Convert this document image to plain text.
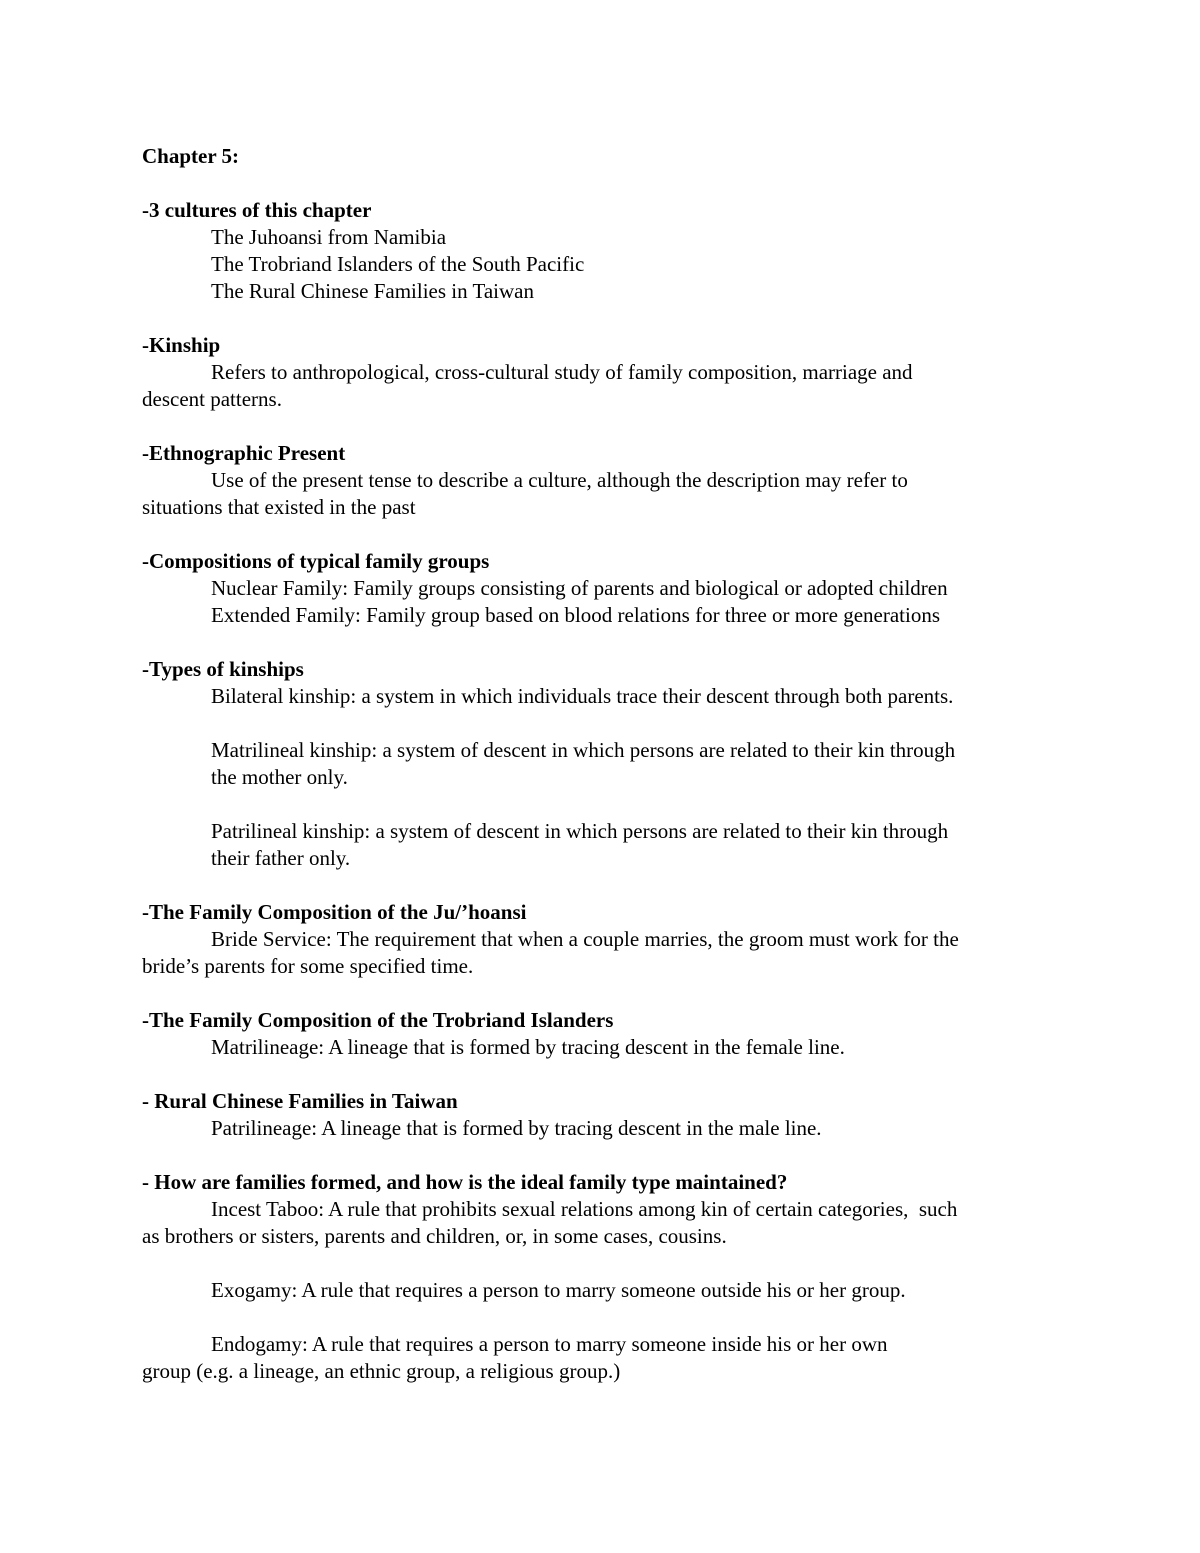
Chapter 5:
-3 cultures of this chapter
The Juhoansi from Namibia
The Trobriand Islanders of the South Pacific
The Rural Chinese Families in Taiwan
-Kinship
Refers to anthropological, cross-cultural study of family composition, marriage and
descent patterns.
-Ethnographic Present
Use of the present tense to describe a culture, although the description may refer to
situations that existed in the past
-Compositions of typical family groups
Nuclear Family: Family groups consisting of parents and biological or adopted children
Extended Family: Family group based on blood relations for three or more generations
-Types of kinships
Bilateral kinship: a system in which individuals trace their descent through both parents.
Matrilineal kinship: a system of descent in which persons are related to their kin through
the mother only.
Patrilineal kinship: a system of descent in which persons are related to their kin through
their father only.
-The Family Composition of the Ju/’hoansi
Bride Service: The requirement that when a couple marries, the groom must work for the
bride’s parents for some specified time.
-The Family Composition of the Trobriand Islanders
Matrilineage: A lineage that is formed by tracing descent in the female line.
- Rural Chinese Families in Taiwan
Patrilineage: A lineage that is formed by tracing descent in the male line.
- How are families formed, and how is the ideal family type maintained?
Incest Taboo: A rule that prohibits sexual relations among kin of certain categories,  such
as brothers or sisters, parents and children, or, in some cases, cousins.
Exogamy: A rule that requires a person to marry someone outside his or her group.
Endogamy: A rule that requires a person to marry someone inside his or her own
group (e.g. a lineage, an ethnic group, a religious group.)
